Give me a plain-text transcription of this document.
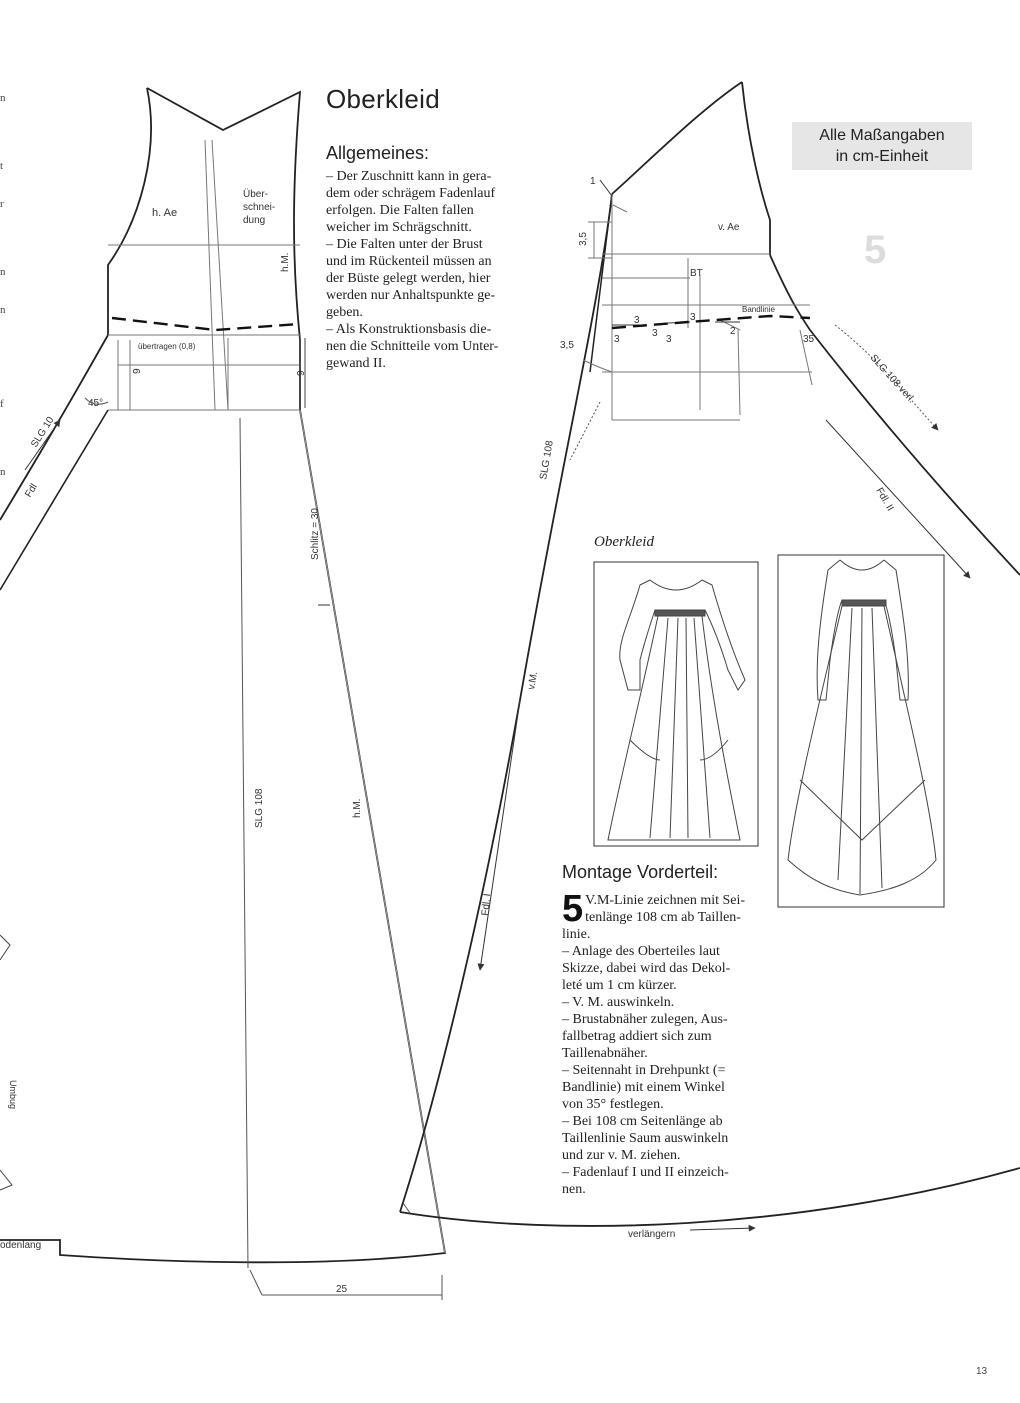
h. Ae
Über-
schnei-
dung
h.M.
übertragen (0,8)
9	9
45°
SLG 10
Fdl
Schlitz = 30
SLG 108	h.M.
Umbug
odenlang
25
1
3,5
v. Ae
BT
Bandlinie
3	3
3
3
3
2
3,5
35
SLG 108 verl.
SLG 108
Fdl. II
v.M.
Fdl. I
verlängern
Oberkleid
Allgemeines:

– Der Zuschnitt kann in gera-

dem oder schrägem Fadenlauf

erfolgen. Die Falten fallen

weicher im Schrägschnitt.

– Die Falten unter der Brust

und im Rückenteil müssen an

der Büste gelegt werden, hier

werden nur Anhaltspunkte ge-

geben.

– Als Konstruktionsbasis die-

nen die Schnitteile vom Unter-

gewand II.

Alle Maßangaben
in cm-Einheit
5
Oberkleid
Montage Vorderteil:
5 V.M-Linie zeichnen mit Sei-

tenlänge 108 cm ab Taillen-

linie.

– Anlage des Oberteiles laut

Skizze, dabei wird das Dekol-

leté um 1 cm kürzer.

– V. M. auswinkeln.

– Brustabnäher zulegen, Aus-

fallbetrag addiert sich zum

Taillenabnäher.

– Seitennaht in Drehpunkt (=

Bandlinie) mit einem Winkel

von 35° festlegen.

– Bei 108 cm Seitenlänge ab

Taillenlinie Saum auswinkeln

und zur v. M. ziehen.

– Fadenlauf I und II einzeich-

nen.

13
n
t
r
n
n
f
n
